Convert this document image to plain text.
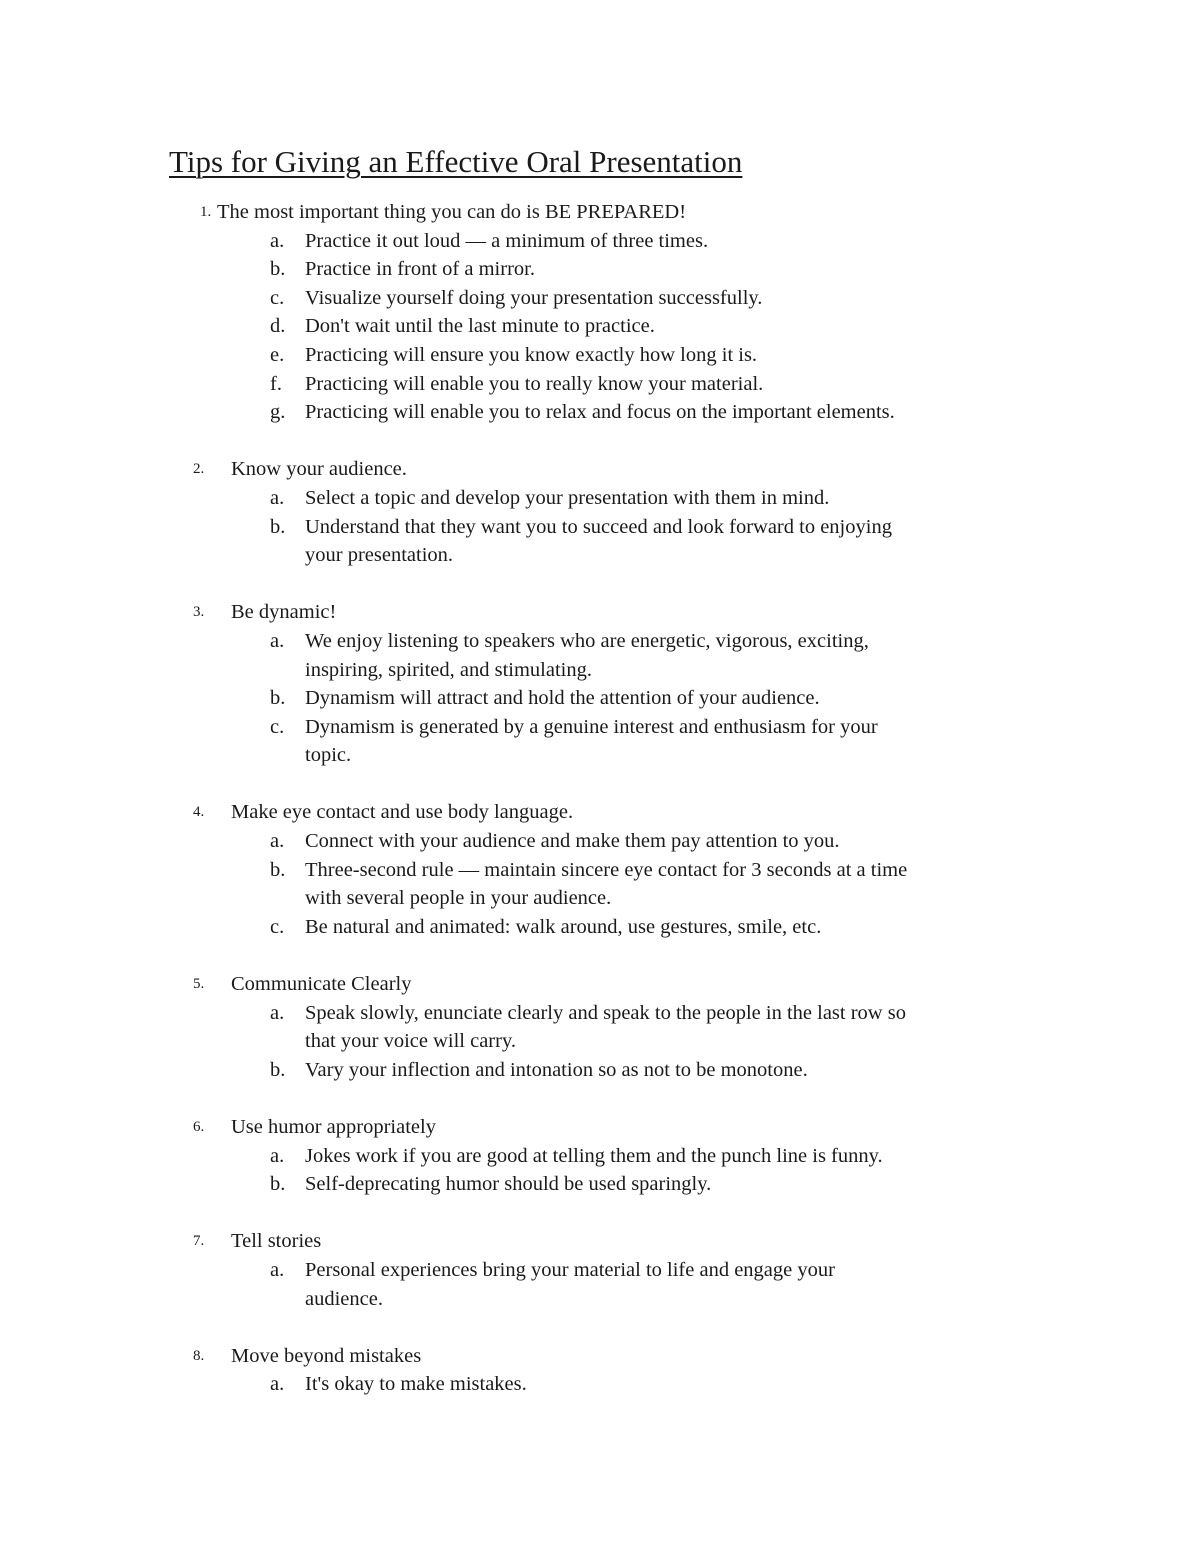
Tips for Giving an Effective Oral Presentation
1. The most important thing you can do is BE PREPARED!
a. Practice it out loud — a minimum of three times.
b. Practice in front of a mirror.
c. Visualize yourself doing your presentation successfully.
d. Don't wait until the last minute to practice.
e. Practicing will ensure you know exactly how long it is.
f. Practicing will enable you to really know your material.
g. Practicing will enable you to relax and focus on the important elements.
2.	Know your audience.
a. Select a topic and develop your presentation with them in mind.
b. Understand that they want you to succeed and look forward to enjoying
your presentation.
3.	Be dynamic!
a. We enjoy listening to speakers who are energetic, vigorous, exciting,
inspiring, spirited, and stimulating.
b. Dynamism will attract and hold the attention of your audience.
c. Dynamism is generated by a genuine interest and enthusiasm for your
topic.
4.	Make eye contact and use body language.
a. Connect with your audience and make them pay attention to you.
b. Three-second rule — maintain sincere eye contact for 3 seconds at a time
with several people in your audience.
c. Be natural and animated: walk around, use gestures, smile, etc.
5.	Communicate Clearly
a. Speak slowly, enunciate clearly and speak to the people in the last row so
that your voice will carry.
b. Vary your inflection and intonation so as not to be monotone.
6.	Use humor appropriately
a. Jokes work if you are good at telling them and the punch line is funny.
b. Self-deprecating humor should be used sparingly.
7.	Tell stories
a. Personal experiences bring your material to life and engage your
audience.
8.	Move beyond mistakes
a. It's okay to make mistakes.
